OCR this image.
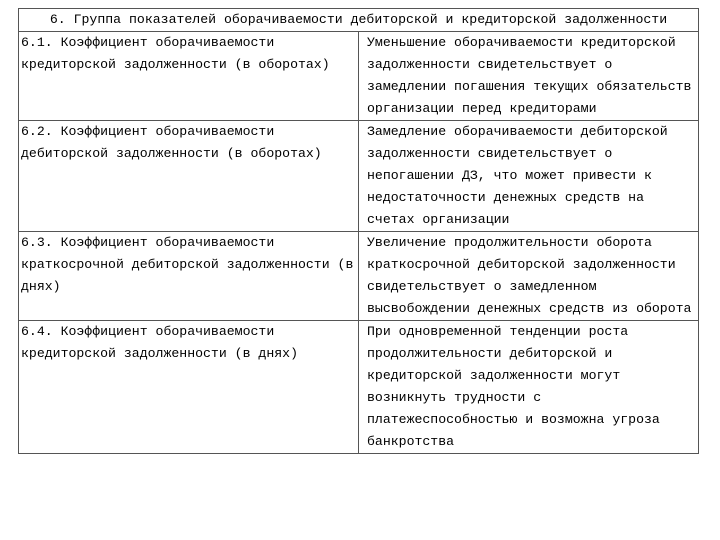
6. Группа показателей оборачиваемости дебиторской и кредиторской задолженности	
6.1. Коэффициент оборачиваемости кредиторской задолженности (в оборотах)	Уменьшение оборачиваемости кредиторской задолженности свидетельствует о замедлении погашения текущих обязательств организации перед кредиторами
6.2. Коэффициент оборачиваемости дебиторской задолженности (в оборотах)	Замедление оборачиваемости дебиторской задолженности свидетельствует о непогашении ДЗ, что может привести к недостаточности денежных средств на счетах организации
6.3. Коэффициент оборачиваемости краткосрочной дебиторской задолженности (в днях)	Увеличение продолжительности оборота краткосрочной дебиторской задолженности свидетельствует о замедленном высвобождении денежных средств из оборота
6.4. Коэффициент оборачиваемости кредиторской задолженности (в днях)	При одновременной тенденции роста продолжительности дебиторской и кредиторской задолженности могут возникнуть трудности с платежеспособностью и возможна угроза банкротства
